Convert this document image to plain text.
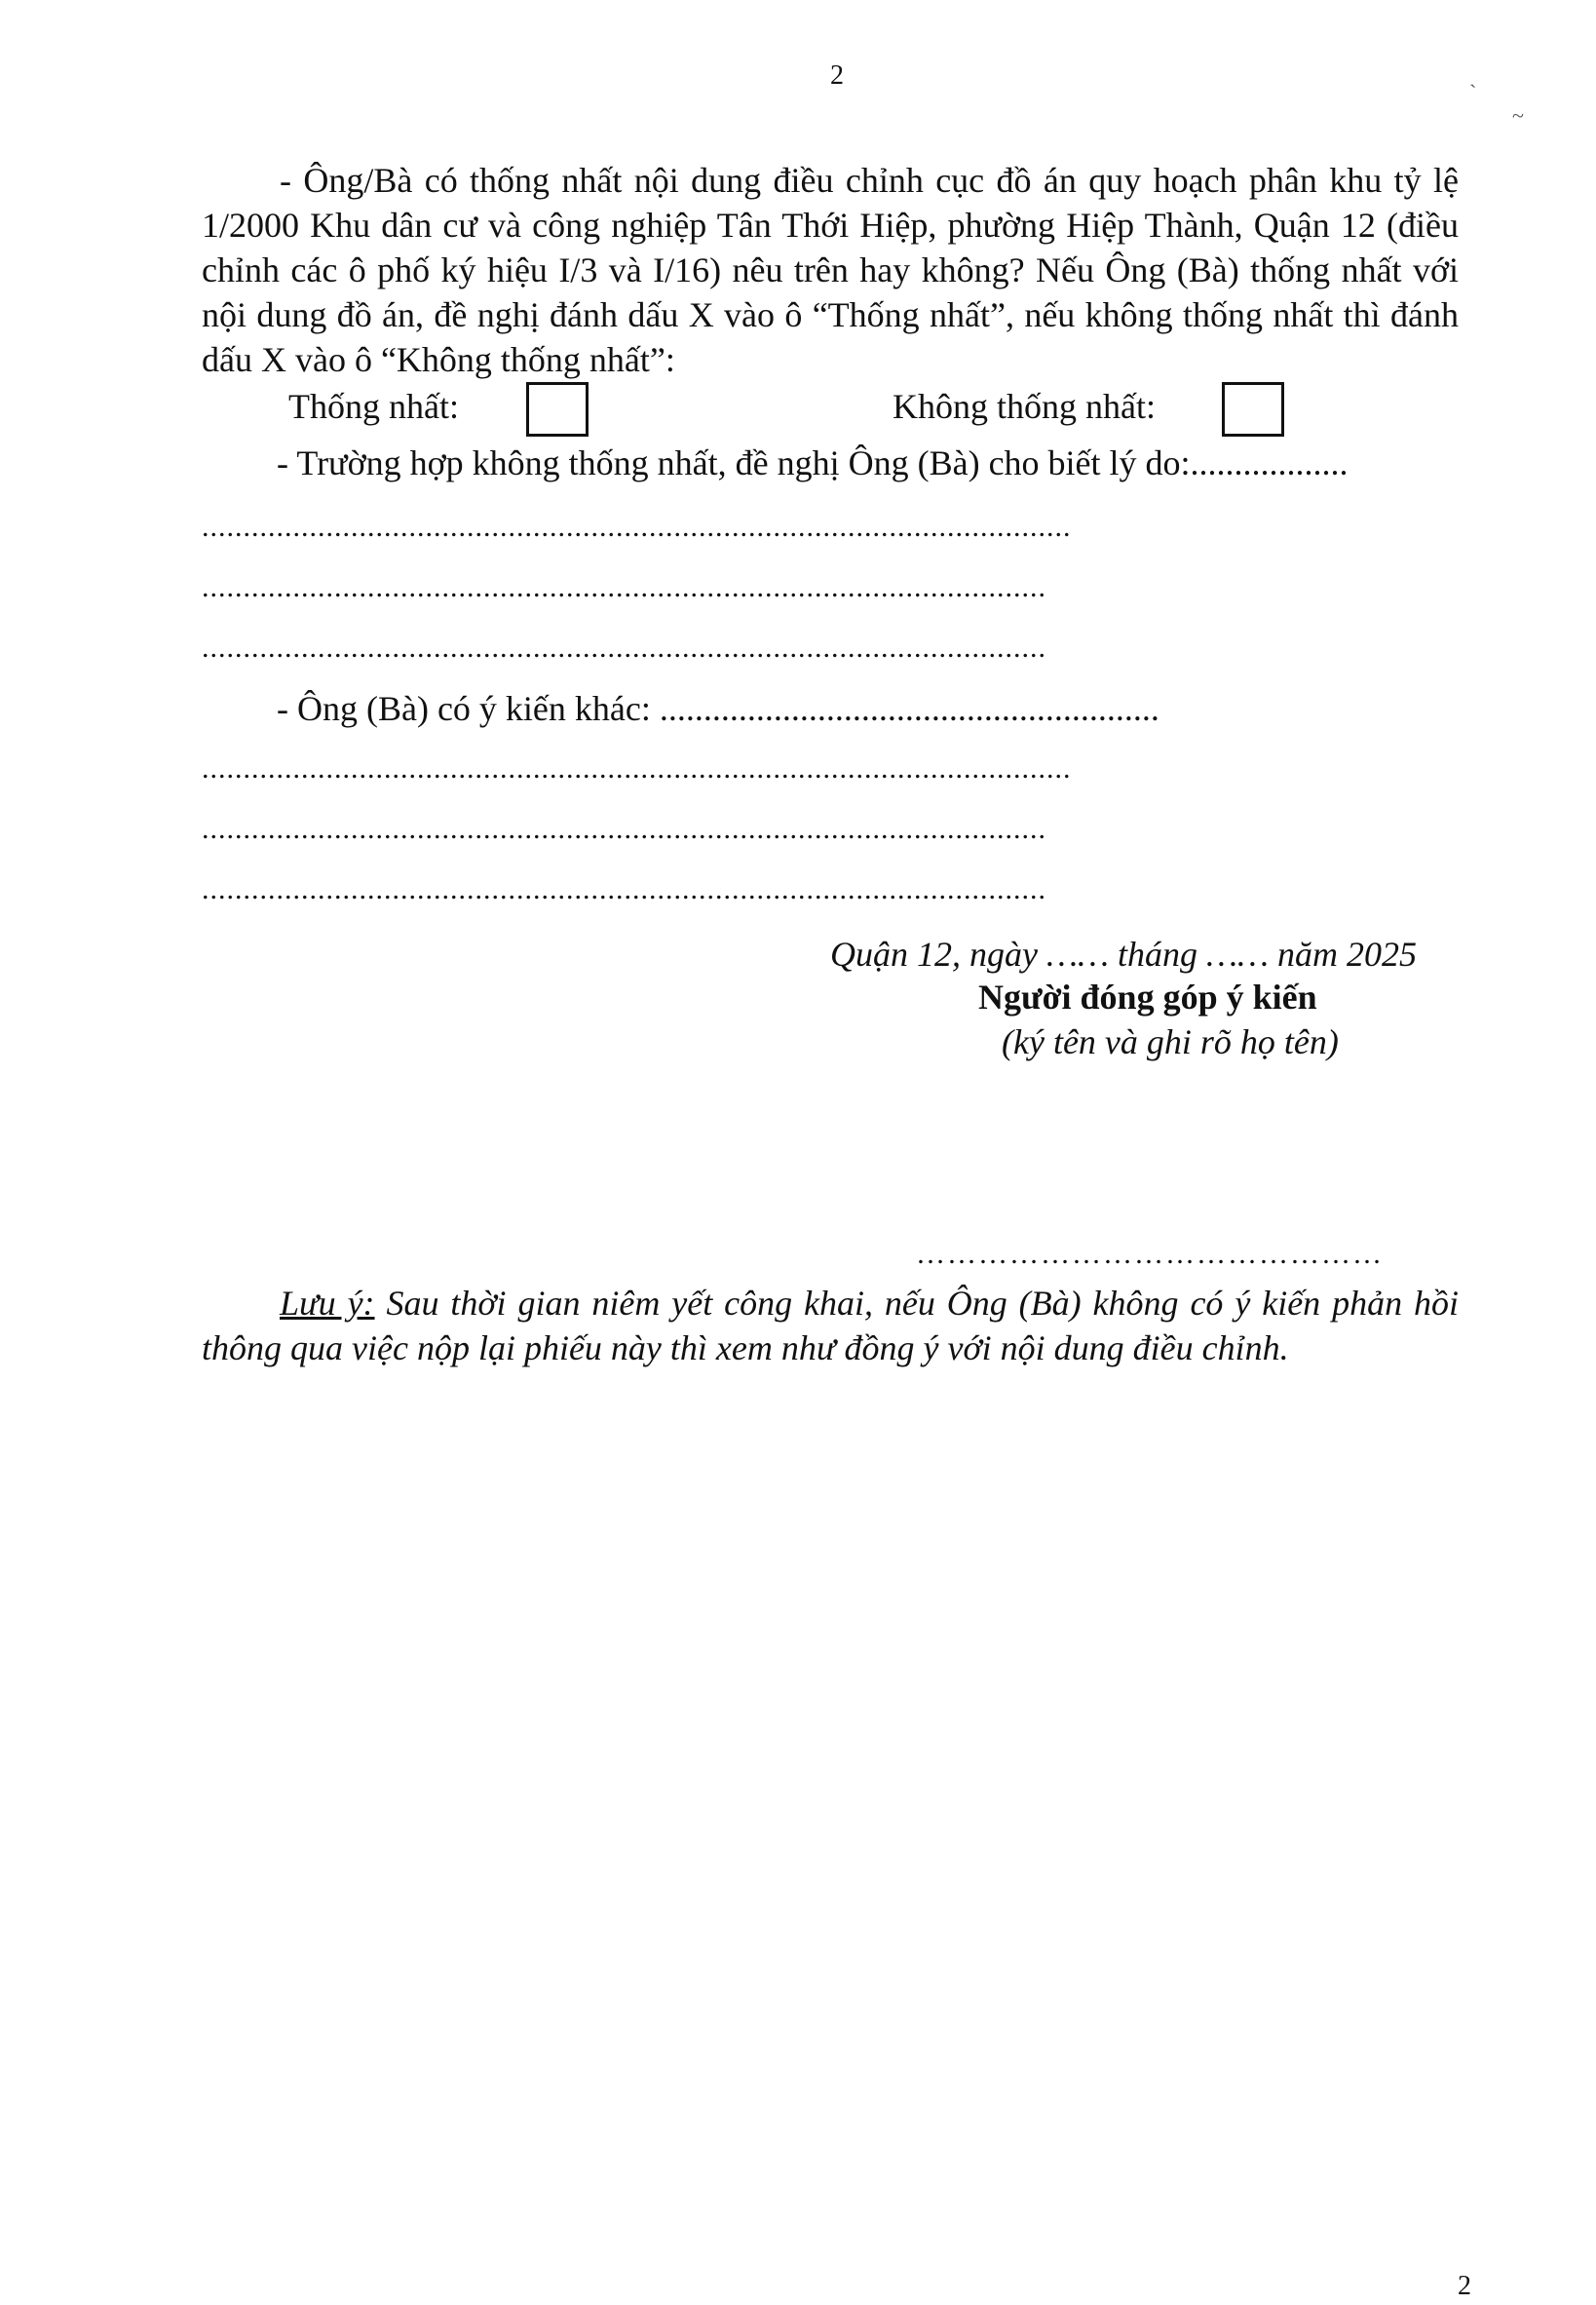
2
`
~
- Ông/Bà có thống nhất nội dung điều chỉnh cục đồ án quy hoạch phân khu tỷ lệ 1/2000 Khu dân cư và công nghiệp Tân Thới Hiệp, phường Hiệp Thành, Quận 12 (điều chỉnh các ô phố ký hiệu I/3 và I/16) nêu trên hay không? Nếu Ông (Bà) thống nhất với nội dung đồ án, đề nghị đánh dấu X vào ô “Thống nhất”, nếu không thống nhất thì đánh dấu X vào ô “Không thống nhất”:
Thống nhất:	Không thống nhất:
- Trường hợp không thống nhất, đề nghị Ông (Bà) cho biết lý do:..................
.........................................................................................................
......................................................................................................
......................................................................................................
- Ông (Bà) có ý kiến khác: .........................................................
.........................................................................................................
......................................................................................................
......................................................................................................
Quận 12, ngày …… tháng …… năm 2025
Người đóng góp ý kiến
(ký tên và ghi rõ họ tên)
………………………………………
Lưu ý: Sau thời gian niêm yết công khai, nếu Ông (Bà) không có ý kiến phản hồi thông qua việc nộp lại phiếu này thì xem như đồng ý với nội dung điều chỉnh.
2
